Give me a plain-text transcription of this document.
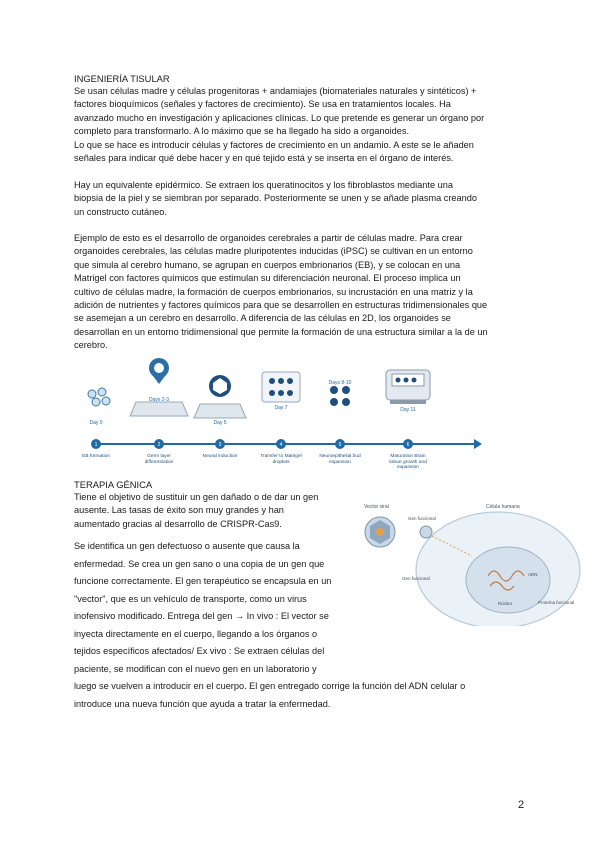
INGENIERÍA TISULAR
Se usan células madre y células progenitoras + andamiajes (biomateriales naturales y sintéticos) +
factores bioquímicos (señales y factores de crecimiento). Se usa en tratamientos locales. Ha
avanzado mucho en investigación y aplicaciones clínicas. Lo que pretende es generar un órgano por
completo para transformarlo. A lo máximo que se ha llegado ha sido a organoides.
Lo que se hace es introducir células y factores de crecimiento en un andamio. A este se le añaden
señales para indicar qué debe hacer y en qué tejido está y se inserta en el órgano de interés.
Hay un equivalente epidérmico. Se extraen los queratinocitos y los fibroblastos mediante una
biopsia de la piel y se siembran por separado. Posteriormente se unen y se añade plasma creando
un constructo cutáneo.
Ejemplo de esto es el desarrollo de organoides cerebrales a partir de células madre. Para crear
organoides cerebrales, las células madre pluripotentes inducidas (iPSC) se cultivan en un entorno
que simula al cerebro humano, se agrupan en cuerpos embrionarios (EB), y se colocan en una
Matrigel con factores químicos que estimulan su diferenciación neuronal. El proceso implica un
cultivo de células madre, la formación de cuerpos embrionarios, su incrustación en una matriz y la
adición de nutrientes y factores químicos para que se desarrollen en estructuras tridimensionales que
se asemejan a un cerebro en desarrollo. A diferencia de las células en 2D, los organoides se
desarrollan en un entorno tridimensional que permite la formación de una estructura similar a la de un
cerebro.
Day 0
Days 2-3
Day 5
Day 7
Days 8-10
Day 11
1	2	3	4	5	6
EB formation	Germ layer differentiation
Neural induction	Transfer to Matrigel droplets
Neuroepithelial bud expansion
Maturation Brain tissue growth and expansion
TERAPIA GÉNICA
Tiene el objetivo de sustituir un gen dañado o de dar un gen
ausente. Las tasas de éxito son muy grandes y han
aumentado gracias al desarrollo de CRISPR-Cas9.
Se identifica un gen defectuoso o ausente que causa la
enfermedad. Se crea un gen sano o una copia de un gen que
funcione correctamente. El gen terapéutico se encapsula en un
"vector", que es un vehículo de transporte, como un virus
inofensivo modificado. Entrega del gen → In vivo : El vector se
inyecta directamente en el cuerpo, llegando a los órganos o
tejidos específicos afectados/ Ex vivo : Se extraen células del
paciente, se modifican con el nuevo gen en un laboratorio y
luego se vuelven a introducir en el cuerpo. El gen entregado corrige la función del ADN celular o
introduce una nueva función que ayuda a tratar la enfermedad.
Vector viral	Célula humana
Gen funcional
Gen funcional
Proteína funcional
Núcleo
ADN
2
